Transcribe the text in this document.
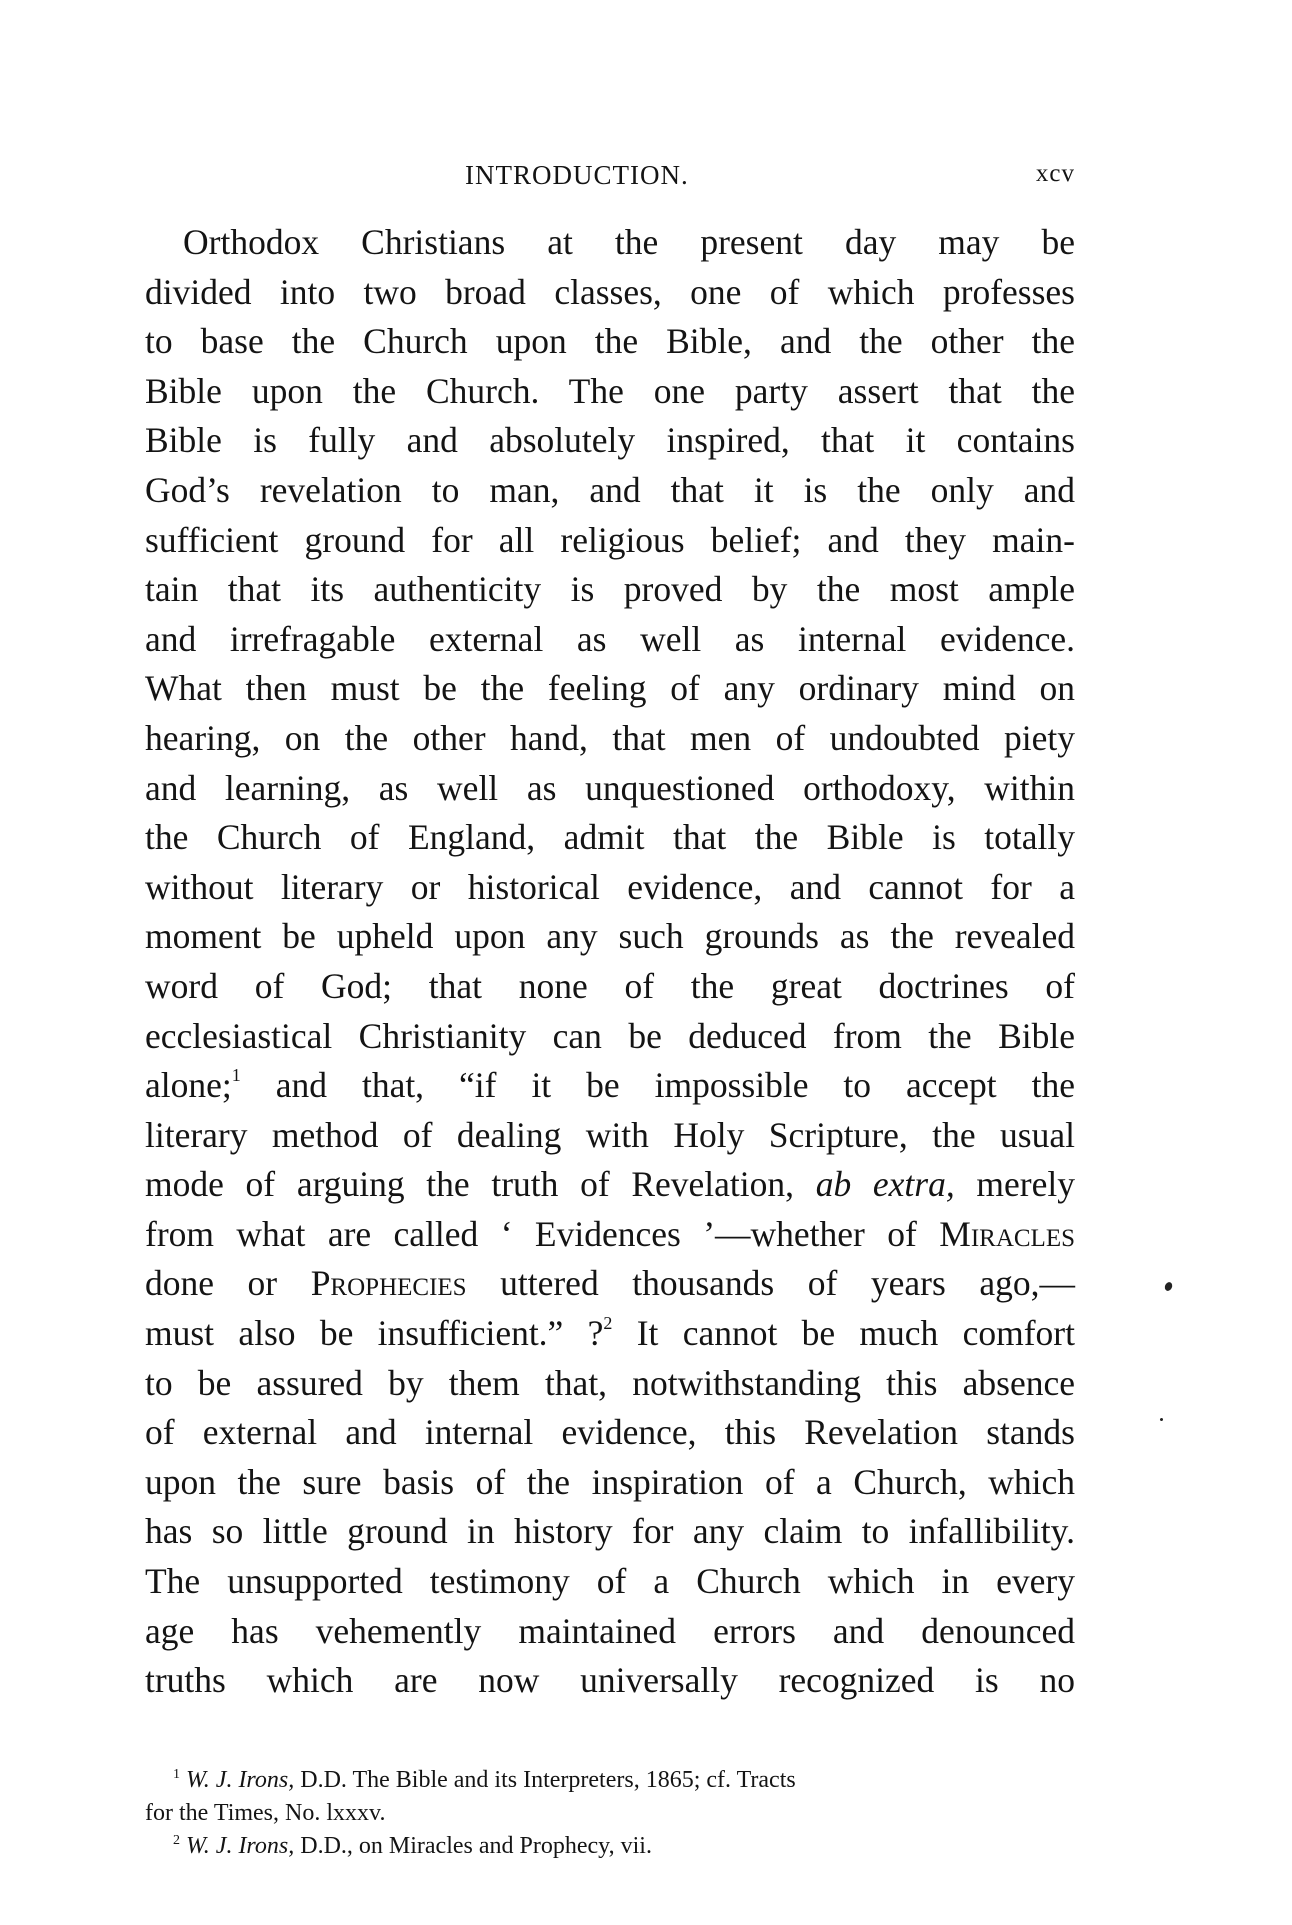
INTRODUCTION.	xcv
Orthodox Christians at the present day may be
divided into two broad classes, one of which professes
to base the Church upon the Bible, and the other the
Bible upon the Church. The one party assert that the
Bible is fully and absolutely inspired, that it contains
God’s revelation to man, and that it is the only and
sufficient ground for all religious belief; and they main-
tain that its authenticity is proved by the most ample
and irrefragable external as well as internal evidence.
What then must be the feeling of any ordinary mind on
hearing, on the other hand, that men of undoubted piety
and learning, as well as unquestioned orthodoxy, within
the Church of England, admit that the Bible is totally
without literary or historical evidence, and cannot for a
moment be upheld upon any such grounds as the revealed
word of God; that none of the great doctrines of
ecclesiastical Christianity can be deduced from the Bible
alone;$^1$ and that, “if it be impossible to accept the
literary method of dealing with Holy Scripture, the usual
mode of arguing the truth of Revelation, ab extra, merely
from what are called ‘ Evidences ’—whether of Miracles
done or Prophecies uttered thousands of years ago,—
must also be insufficient.” ?$^2$ It cannot be much comfort
to be assured by them that, notwithstanding this absence
of external and internal evidence, this Revelation stands
upon the sure basis of the inspiration of a Church, which
has so little ground in history for any claim to infallibility.
The unsupported testimony of a Church which in every
age has vehemently maintained errors and denounced
truths which are now universally recognized is no
$^1$ W. J. Irons, D.D. The Bible and its Interpreters, 1865; cf. Tracts
for the Times, No. lxxxv.
$^2$ W. J. Irons, D.D., on Miracles and Prophecy, vii.
